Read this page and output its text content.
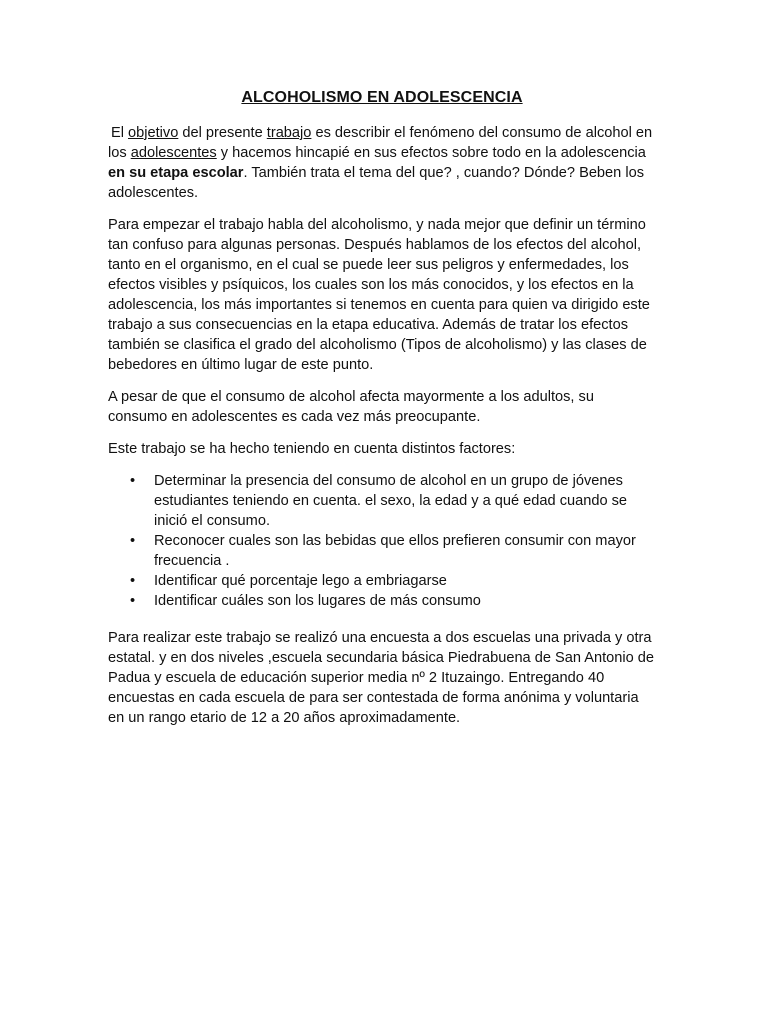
ALCOHOLISMO EN ADOLESCENCIA

El objetivo del presente trabajo es describir el fenómeno del consumo de alcohol en los adolescentes y hacemos hincapié en sus efectos sobre todo en la adolescencia en su etapa escolar. También trata el tema del que? , cuando? Dónde? Beben los adolescentes.

Para empezar el trabajo habla del alcoholismo, y nada mejor que definir un término tan confuso para algunas personas. Después hablamos de los efectos del alcohol, tanto en el organismo, en el cual se puede leer sus peligros y enfermedades, los efectos visibles y psíquicos, los cuales son los más conocidos, y los efectos en la adolescencia, los más importantes si tenemos en cuenta para quien va dirigido este trabajo a sus consecuencias en la etapa educativa. Además de tratar los efectos también se clasifica el grado del alcoholismo (Tipos de alcoholismo) y las clases de bebedores en último lugar de este punto.

A pesar de que el consumo de alcohol afecta mayormente a los adultos, su consumo en adolescentes es cada vez más preocupante.

Este trabajo se ha hecho teniendo en cuenta distintos factores:

• Determinar la presencia del consumo de alcohol en un grupo de jóvenes estudiantes teniendo en cuenta. el sexo, la edad y a qué edad cuando se inició el consumo.
• Reconocer cuales son las bebidas que ellos prefieren consumir con mayor frecuencia .
• Identificar qué porcentaje lego a embriagarse
• Identificar cuáles son los lugares de más consumo

Para realizar este trabajo se realizó una encuesta a dos escuelas una privada y otra estatal. y en dos niveles ,escuela secundaria básica Piedrabuena de San Antonio de Padua y escuela de educación superior media nº 2 Ituzaingo. Entregando 40 encuestas en cada escuela de para ser contestada de forma anónima y voluntaria en un rango etario de 12 a 20 años aproximadamente.
